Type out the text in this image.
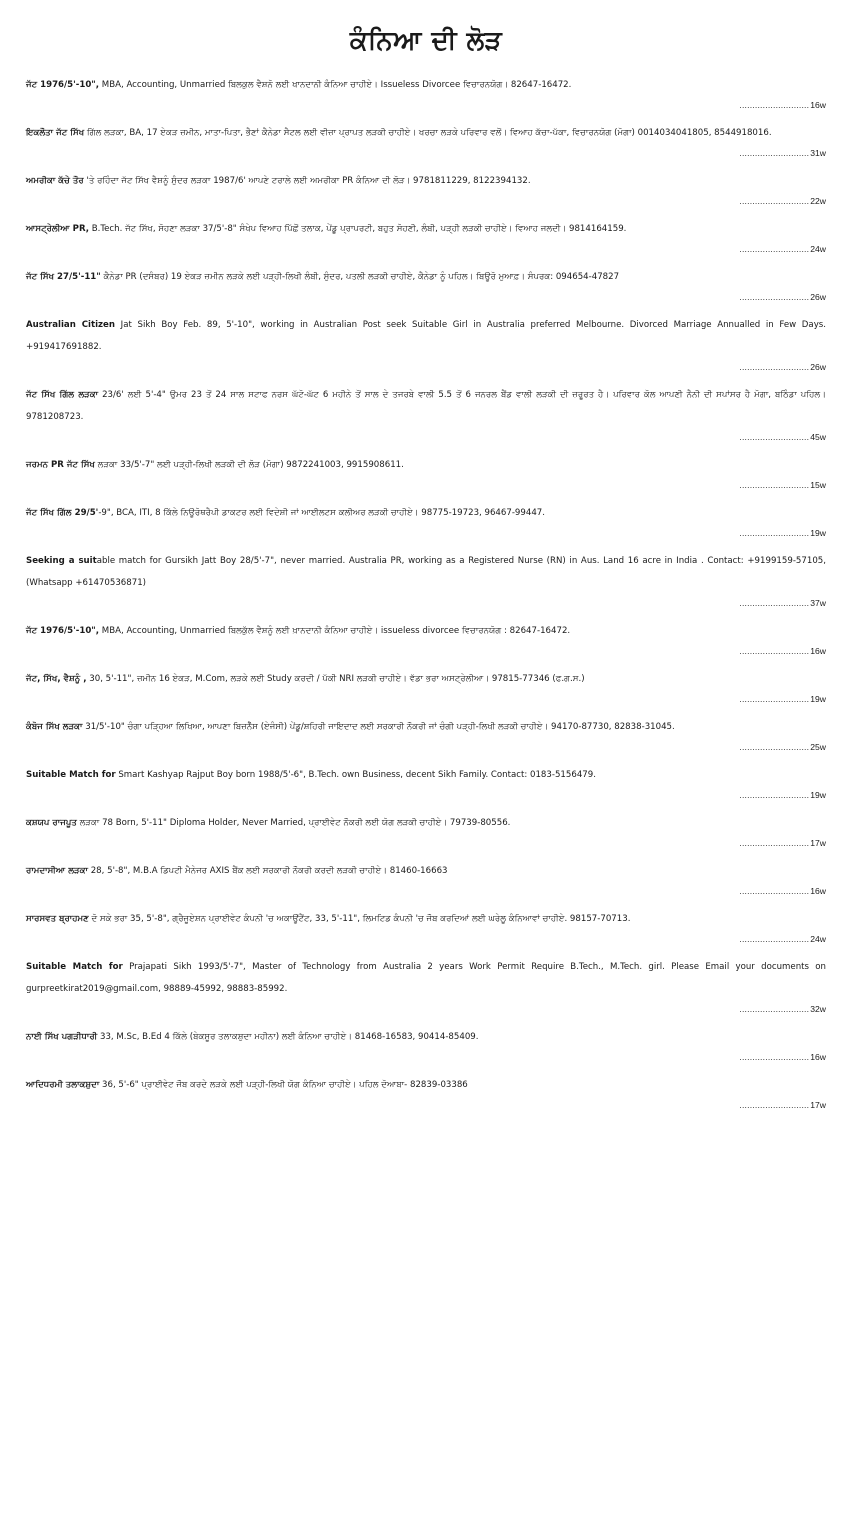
ਕੰਨਿਆ ਦੀ ਲੋੜ
ਜੱਟ 1976/5'-10", MBA, Accounting, Unmarried ਬਿਲਕੁਲ ਵੈਸ਼ਨੋ ਲਈ ਖਾਨਦਾਨੀ ਕੰਨਿਆ ਚਾਹੀਏ। Issueless Divorcee ਵਿਚਾਰਨਯੋਗ। 82647-16472.
........................... 16w
ਇਕਲੌਤਾ ਜੱਟ ਸਿੱਖ ਗਿੱਲ ਲੜਕਾ, BA, 17 ਏਕੜ ਜ਼ਮੀਨ, ਮਾਤਾ-ਪਿਤਾ, ਭੈਣਾਂ ਕੈਨੇਡਾ ਸੈਟਲ ਲਈ ਵੀਜ਼ਾ ਪ੍ਰਾਪਤ ਲੜਕੀ ਚਾਹੀਏ। ਖਰਚਾ ਲੜਕੇ ਪਰਿਵਾਰ ਵਲੋਂ। ਵਿਆਹ ਕੱਚਾ-ਪੱਕਾ, ਵਿਚਾਰਨਯੋਗ (ਮੋਗਾ) 0014034041805, 8544918016.
........................... 31w
ਅਮਰੀਕਾ ਕੱਚੇ ਤੌਰ 'ਤੇ ਰਹਿੰਦਾ ਜੱਟ ਸਿੱਖ ਵੈਸ਼ਨੂੰ ਸੁੰਦਰ ਲੜਕਾ 1987/6' ਆਪਣੇ ਟਰਾਲੇ ਲਈ ਅਮਰੀਕਾ PR ਕੰਨਿਆ ਦੀ ਲੋੜ। 9781811229, 8122394132.
........................... 22w
ਆਸਟ੍ਰੇਲੀਆ PR, B.Tech. ਜੱਟ ਸਿੱਖ, ਸੋਹਣਾ ਲੜਕਾ 37/5'-8" ਸੰਖੇਪ ਵਿਆਹ ਪਿੱਛੋਂ ਤਲਾਕ, ਪੇਂਡੂ ਪ੍ਰਾਪਰਟੀ, ਬਹੁਤ ਸੋਹਣੀ, ਲੰਬੀ, ਪੜ੍ਹੀ ਲੜਕੀ ਚਾਹੀਏ। ਵਿਆਹ ਜਲਦੀ। 9814164159.
........................... 24w
ਜੱਟ ਸਿੱਖ 27/5'-11" ਕੈਨੇਡਾ PR (ਦਸੰਬਰ) 19 ਏਕੜ ਜ਼ਮੀਨ ਲੜਕੇ ਲਈ ਪੜ੍ਹੀ-ਲਿਖੀ ਲੰਬੀ, ਸੁੰਦਰ, ਪਤਲੀ ਲੜਕੀ ਚਾਹੀਏ, ਕੈਨੇਡਾ ਨੂੰ ਪਹਿਲ। ਬਿਊਰੋ ਮੁਆਫ਼। ਸੰਪਰਕ: 094654-47827
........................... 26w
Australian Citizen Jat Sikh Boy Feb. 89, 5'-10", working in Australian Post seek Suitable Girl in Australia preferred Melbourne. Divorced Marriage Annualled in Few Days. +919417691882.
........................... 26w
ਜੱਟ ਸਿੱਖ ਗਿੱਲ ਲੜਕਾ 23/6' ਲਈ 5'-4" ਉਮਰ 23 ਤੋਂ 24 ਸਾਲ ਸਟਾਫ ਨਰਸ ਘੱਟੋ-ਘੱਟ 6 ਮਹੀਨੇ ਤੋਂ ਸਾਲ ਦੇ ਤਜਰਬੇ ਵਾਲੀ 5.5 ਤੋਂ 6 ਜਨਰਲ ਬੈਂਡ ਵਾਲੀ ਲੜਕੀ ਦੀ ਜ਼ਰੂਰਤ ਹੈ। ਪਰਿਵਾਰ ਕੋਲ ਆਪਣੀ ਨੈਨੀ ਦੀ ਸਪਾਂਸਰ ਹੈ ਮੋਗਾ, ਬਠਿੰਡਾ ਪਹਿਲ। 9781208723.
........................... 45w
ਜਰਮਨ PR ਜੱਟ ਸਿੱਖ ਲੜਕਾ 33/5'-7" ਲਈ ਪੜ੍ਹੀ-ਲਿਖੀ ਲੜਕੀ ਦੀ ਲੋੜ (ਮੋਗਾ) 9872241003, 9915908611.
........................... 15w
ਜੱਟ ਸਿੱਖ ਗਿੱਲ 29/5'-9", BCA, ITI, 8 ਕਿੱਲੇ ਨਿਊਰੋਥਰੈਪੀ ਡਾਕਟਰ ਲਈ ਵਿਦੇਸ਼ੀ ਜਾਂ ਆਈਲਟਸ ਕਲੀਅਰ ਲੜਕੀ ਚਾਹੀਏ। 98775-19723, 96467-99447.
........................... 19w
Seeking a suitable match for Gursikh Jatt Boy 28/5'-7", never married. Australia PR, working as a Registered Nurse (RN) in Aus. Land 16 acre in India . Contact: +9199159-57105, (Whatsapp +61470536871)
........................... 37w
ਜੱਟ 1976/5'-10", MBA, Accounting, Unmarried ਬਿਲਕੁੱਲ ਵੈਸ਼ਨੂੰ ਲਈ ਖ਼ਾਨਦਾਨੀ ਕੰਨਿਆ ਚਾਹੀਏ। issueless divorcee ਵਿਚਾਰਨਯੋਗ : 82647-16472.
........................... 16w
ਜੱਟ, ਸਿੱਖ, ਵੈਸ਼ਨੂੰ , 30, 5'-11", ਜ਼ਮੀਨ 16 ਏਕੜ, M.Com, ਲੜਕੇ ਲਈ Study ਕਰਦੀ / ਪੱਕੀ NRI ਲੜਕੀ ਚਾਹੀਏ। ਵੱਡਾ ਭਰਾ ਅਸਟ੍ਰੇਲੀਆ। 97815-77346 (ਫ.ਗ.ਸ.)
........................... 19w
ਕੰਬੋਜ ਸਿੱਖ ਲੜਕਾ 31/5'-10" ਚੰਗਾ ਪੜ੍ਹਿਆ ਲਿਖਿਆ, ਆਪਣਾ ਬਿਜ਼ਨੈੱਸ (ਏਜੰਸੀ) ਪੇਂਡੂ/ਸ਼ਹਿਰੀ ਜਾਇਦਾਦ ਲਈ ਸਰਕਾਰੀ ਨੌਕਰੀ ਜਾਂ ਚੰਗੀ ਪੜ੍ਹੀ-ਲਿਖੀ ਲੜਕੀ ਚਾਹੀਏ। 94170-87730, 82838-31045.
........................... 25w
Suitable Match for Smart Kashyap Rajput Boy born 1988/5'-6", B.Tech. own Business, decent Sikh Family. Contact: 0183-5156479.
........................... 19w
ਕਸ਼ਯਪ ਰਾਜਪੂਤ ਲੜਕਾ 78 Born, 5'-11" Diploma Holder, Never Married, ਪ੍ਰਾਈਵੇਟ ਨੌਕਰੀ ਲਈ ਯੋਗ ਲੜਕੀ ਚਾਹੀਏ। 79739-80556.
........................... 17w
ਰਾਮਦਾਸੀਆ ਲੜਕਾ 28, 5'-8", M.B.A ਡਿਪਟੀ ਮੈਨੇਜਰ AXIS ਬੈਂਕ ਲਈ ਸਰਕਾਰੀ ਨੌਕਰੀ ਕਰਦੀ ਲੜਕੀ ਚਾਹੀਏ। 81460-16663
........................... 16w
ਸਾਰਸਵਤ ਬ੍ਰਾਹਮਣ ਦੋ ਸਕੇ ਭਰਾ 35, 5'-8", ਗ੍ਰੈਜੂਏਸ਼ਨ ਪ੍ਰਾਈਵੇਟ ਕੰਪਨੀ 'ਚ ਅਕਾਊਂਟੈਂਟ, 33, 5'-11", ਲਿਮਟਿਡ ਕੰਪਨੀ 'ਚ ਜੌਬ ਕਰਦਿਆਂ ਲਈ ਘਰੇਲੂ ਕੰਨਿਆਵਾਂ ਚਾਹੀਏ. 98157-70713.
........................... 24w
Suitable Match for Prajapati Sikh 1993/5'-7", Master of Technology from Australia 2 years Work Permit Require B.Tech., M.Tech. girl. Please Email your documents on gurpreetkirat2019@gmail.com, 98889-45992, 98883-85992.
........................... 32w
ਨਾਈ ਸਿੱਖ ਪਗੜੀਧਾਰੀ 33, M.Sc, B.Ed 4 ਕਿੱਲੇ (ਬੇਕਸੂਰ ਤਲਾਕਸ਼ੁਦਾ ਮਹੀਨਾ) ਲਈ ਕੰਨਿਆ ਚਾਹੀਏ। 81468-16583, 90414-85409.
........................... 16w
ਆਦਿਧਰਮੀ ਤਲਾਕਸ਼ੁਦਾ 36, 5'-6" ਪ੍ਰਾਈਵੇਟ ਜੌਬ ਕਰਦੇ ਲੜਕੇ ਲਈ ਪੜ੍ਹੀ-ਲਿਖੀ ਯੋਗ ਕੰਨਿਆ ਚਾਹੀਏ। ਪਹਿਲ ਦੋਆਬਾ- 82839-03386
........................... 17w
